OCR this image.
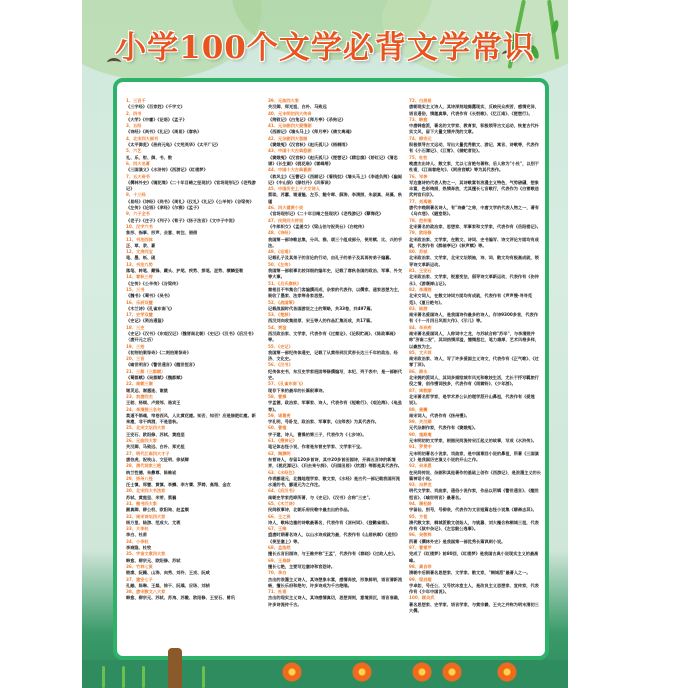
小学100个文学必背文学常识
1、三百千
《三字经》《百家姓》《千字文》
2、四书
《大学》《中庸》《论语》《孟子》
3、五经
《诗经》《尚书》《礼记》《周易》《春秋》
4、北宋四大部书
《太平御览》《册府元龟》《文苑英华》《太平广记》
5、六艺
礼、乐、射、御、书、数
6、四大名著
《三国演义》《水浒传》《西游记》《红楼梦》
7、五大奇书
《儒林外史》《镜花缘》《二十年目睹之怪现状》《官场现形记》《老残游记》
8、十三经
《易经》《诗经》《尚书》《周礼》《仪礼》《礼记》《公羊传》《谷梁传》《左传》《论语》《孝经》《尔雅》《孟子》
9、六子全书
《老子》《庄子》《列子》《荀子》《扬子法言》《文中子中说》
10、汉字六书
象形、指事、形声、会意、转注、假借
11、书法四体
正、草、隶、篆
12、文房四宝
笔、墨、纸、砚
13、书法九势
落笔、转笔、藏锋、藏头、护尾、疾势、掠笔、涩势、横鳞竖勒
14、春秋三传
《左传》《公羊传》《谷梁传》
15、三书
《魏书》《蜀书》《吴书》
16、乐府双璧
《木兰诗》《孔雀东南飞》
17、史学双璧
《史记》《资治通鉴》
18、三史
《史记》《汉书》《东观汉记》（魏晋南北朝）《史记》《汉书》《后汉书》（唐开元之后）
19、三拍
《初刻拍案惊奇》《二刻拍案惊奇》
20、三言
《喻世明言》《警世通言》《醒世恒言》
21、三都（三都赋）
《蜀都赋》《吴都赋》《魏都赋》
22、南朝三谢
谢灵运、谢惠连、谢朓
23、初唐四杰
王勃、杨炯、卢照邻、骆宾王
24、李清照三名句
莫道不销魂，帘卷西风，人比黄花瘦。知否，知否？应是绿肥红瘦。新来瘦，非干病酒，不是悲秋。
25、北宋文坛四大家
王安石、欧阳修、苏轼、黄庭坚
26、元曲四大家
关汉卿、马致远、白朴、郑光祖
27、明代江南四大才子
唐伯虎、祝枝山、文征明、徐祯卿
28、清代词家三绝
纳兰性德、朱彝尊、陈维崧
29、扬州八怪
汪士慎、郑燮、黄慎、李鱓、李方膺、罗聘、高翔、金农
30、北宋四大书法家
苏轼、黄庭坚、米芾、蔡襄
31、楷书四大家
颜真卿、柳公权、欧阳询、赵孟頫
32、南宋诗坛四大家
杨万里、陆游、范成大、尤袤
33、大李杜
李白、杜甫
34、小李杜
李商隐、杜牧
35、宇宙文章四大家
韩愈、柳宗元、欧阳修、苏轼
36、竹林七贤
嵇康、阮籍、山涛、向秀、刘伶、王戎、阮咸
37、建安七子
孔融、陈琳、王粲、徐干、阮瑀、应玚、刘桢
38、唐宋散文八大家
韩愈、柳宗元、苏轼、苏洵、苏辙、欧阳修、王安石、曾巩
39、元曲四大家
关汉卿、郑光祖、白朴、马致远
40、元末明初四大传奇
《荆钗记》《白兔记》《拜月亭》《杀狗记》
41、元杂剧四大爱情剧
《西厢记》《墙头马上》《拜月亭》《倩女离魂》
42、元杂剧四大悲剧
《窦娥冤》《汉宫秋》《赵氏孤儿》《梧桐雨》
43、中国十大古典悲剧
《窦娥冤》《汉宫秋》《赵氏孤儿》《琵琶记》《精忠旗》《娇红记》《清忠谱》《长生殿》《桃花扇》《雷峰塔》
44、中国十大古典喜剧
《救风尘》《玉簪记》《西厢记》《看钱奴》《墙头马上》《李逵负荆》《幽闺记》《中山狼》《绿牡丹》《风筝误》
45、中国历史上十大女诗人
蔡琰、苏蕙、谢道韫、左芬、鲍令晖、薛涛、李清照、朱淑真、吴藻、秋瑾
46、四大谴责小说
《官场现形记》《二十年目睹之怪现状》《老残游记》《孽海花》
47、民间四大传说
《牛郎织女》《孟姜女》《梁山伯与祝英台》《白蛇传》
48、《诗经》
我国第一部诗歌总集，分风、雅、颂三个组成部分，使用赋、比、兴的手法。
49、《论语》
记载孔子及其弟子的言论的行动，由孔子的弟子及其再传弟子编纂。
50、《左传》
我国第一部叙事比较详细的编年史，记载了春秋各国的政治、军事、外交等大事。
51、《吕氏春秋》
秦相吕不韦集合门客编撰而成，杂家的代表作，以儒家、道家思想为主，吸收了墨家、法家等各家思想。
52、《战国策》
记载战国时代各国游说之士的策略，共33卷，共497篇。
53、《楚辞》
西汉刘向收集屈原、宋玉等人的作品汇集而成，共17篇。
54、贾谊
西汉政治家、文学家，代表作有《过秦论》、《论积贮疏》、《陈政事疏》等。
55、《史记》
我国第一部纪传体通史，记载了从黄帝到汉武帝长达三千年的政治、经济、文化史。
56、《汉书》
纪传体史书，东汉史学家班固等修撰编写，本纪、列于表中，是一部断代史。
57、《孔雀东南飞》
现存下来的最早的长篇叙事诗。
58、曹操
字孟德，政治家、军事家、诗人，代表作有《短歌行》、《观沧海》、《龟虽寿》。
59、诸葛亮
字孔明，号卧龙，政治家、军事家，《出师表》为其代表作。
60、曹植
字子建，诗人，曹操的第三子，代表作为《七步诗》。
61、《搜神记》
笔记体志怪小说，作者是东晋史学家、文学家干宝。
62、陶渊明
东晋诗人，存留120多首诗，其中20多首田园诗，开辟五言诗的新境界，《桃花源记》、《归去来兮辞》、《归园田居》《饮酒》等都是其代表作。
63、《水经注》
作者郦道元，北魏地理学家、散文家，《水经》是古代一部记载我国河流水道的书，郦道元为之作注。
64、《后汉书》
南朝史学家范晔所著，与《史记》、《汉书》合称"三史"。
65、《木兰诗》
民间叙事诗，北朝乐府民歌中最杰出的作品。
66、王之涣
诗人，歌咏边塞的诗歌最著名，代表作有《凉州词》、《登鹳雀楼》。
67、王维
盛唐时期著名诗人，以山水诗成就为最，代表作有《山居秋暝》《送别》《使至塞上》等。
68、孟浩然
擅长五言田园诗，与王维并称"王孟"，代表作有《春晓》《过故人庄》。
69、王昌龄
擅长七绝，主要写边塞诗和宫怨诗。
70、李白
杰出的浪漫主义诗人，其诗想象丰富，感情奔放，形象鲜明，语言清新流畅，擅长乐府和绝句，许多诗成为千古绝唱。
71、杜甫
杰出的现实主义诗人，其诗感情真切，思想深刻，意境深沉，语言准确，许多诗流传千古。
72、白居易
唐朝现实主义诗人，其诗深刻地揭露现实，反映民众疾苦，感情充沛，语言通俗，情趣真挚，代表作有《长恨歌》、《忆江南》、《琵琶行》。
73、韩愈
中唐韩愈派，著名的文学家、教育家，积极领导古文运动，恢复古代朴实文风，留下大量文情并茂的文章。
74、柳宗元
积极领导古文运动，写出大量优秀散文、游记、寓言、诗歌等，代表作有《小石潭记》、《江雪》、《捕蛇者说》。
75、杜牧
晚唐杰出诗人、散文家，尤以七言绝句著称，后人称为"小杜"，以别于杜甫，《江南春绝句》、《阿房宫赋》等为其代表作。
76、岑参
写边塞诗的代表人物之一，其诗歌富有浪漫主义特色，气势磅礴，想象丰富，色彩绚丽，热情奔放，尤其擅长七言歌行，代表作为《白雪歌送武判官归京》。
77、刘禹锡
唐代中晚期著名诗人，有"诗豪"之称，中唐文学的代表人物之一，著有《乌衣巷》、《陋室铭》。
78、范仲淹
北宋著名的政治家、思想家、军事家和文学家，代表作有《岳阳楼记》。
79、欧阳修
北宋政治家、文学家，在散文、诗词、史书编写、诗文评论方面均有成就，代表作有《醉翁亭记》《秋声赋》等。
80、苏轼
北宋政治家、文学家，北宋文坛领袖，诗、词、散文均有极高成就，领导诗文革新运动。
81、王安石
北宋政治家、文学家，锐意变法，倡导诗文革新运动，代表作有《伤仲永》、《游褒禅山记》。
82、李清照
北宋女词人，在散文诗词方面均有成就，代表作有《声声慢·寻寻觅觅》、《夏日绝句》。
83、陆游
南宋著名爱国诗人，是我国诗作最多的诗人，存诗9300多首，代表作有《十一月四日风雨大作》、《示儿》等。
84、辛弃疾
南宋著名爱国词人，人称词中之龙，与苏轼合称"苏辛"，与李清照并称"济南二安"，其词热情洋溢，慷慨悲壮，笔力雄厚，艺术风格多样，以豪放为主。
85、文天祥
南宋政治家、诗人，写了许多爱国主义诗文，代表作有《正气歌》、《过零丁洋》。
86、柳永
北宋婉约派词人，其词多描绘城市风光和歌妓生活，尤长于抒写羁旅行役之情，创作慢词独多，代表作有《雨霖铃》、《少年游》。
87、周敦颐
北宋著名哲学家，是学术界公认的理学派开山鼻祖，代表作有《爱莲说》。
88、姜夔
南宋词人，代表作有《扬州慢》。
89、关汉卿
元代杂剧作家，代表作有《窦娥冤》。
90、施耐庵
元末明初的文学家，根据民间流传宋江起义的故事，写成《水浒传》。
91、罗贯中
元末明初著名小说家、戏曲家，是中国章回小说的鼻祖，所著《三国演义》是我国历史演义小说的开山之作。
92、吴承恩
在民间传说、杂剧和其他著作的基础上创作《西游记》，是浪漫主义的长篇神话小说。
93、冯梦龙
明代文学家、戏曲家，通俗小说作家，作品以所辑《警世通言》、《醒世恒言》、《喻世明言》最著名。
94、蒲松龄
字留仙，别号，号柳泉，代表作为文言短篇志怪小说集《聊斋志异》。
95、方苞
清代散文家，桐城派散文创始人，与姚鼐、刘大櫆合称桐城三祖，代表作有《狱中杂记》、《左忠毅公逸事》。
96、吴敬梓
所著《儒林外史》是我国第一部优秀长篇讽刺小说。
97、曹雪芹
完成了《红楼梦》前80回，《红楼梦》是我国古典小说现实主义的最高峰。
98、龚自珍
清朝中后期著名思想家、文学家、散文家，"桐城派"最著人之一。
99、梁启超
字卓如，号任公，又号饮冰室主人，是改良主义思想家、宣传家，代表作有《少年中国说》。
100、顾炎武
著名思想家、史学家、语言学家，与黄宗羲、王夫之并称为明末清初三大儒。
